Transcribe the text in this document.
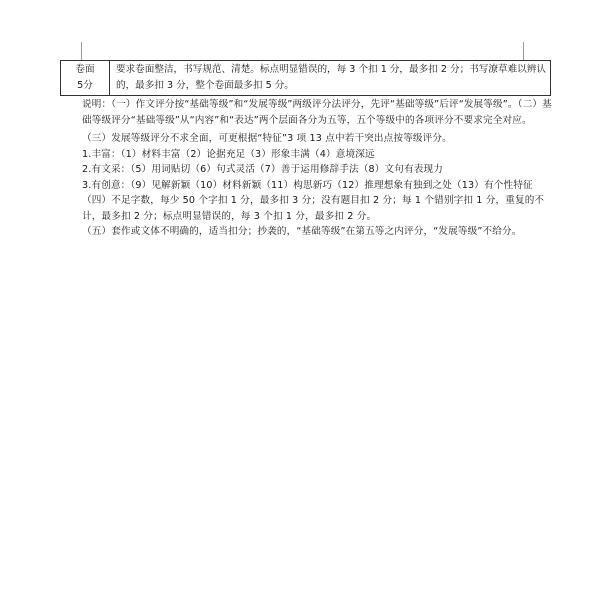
卷面
5分
	要求卷面整洁，书写规范、清楚。标点明显错误的，每 3 个扣 1 分，最多扣 2 分；书写潦草难以辨认的，最多扣 3 分，整个卷面最多扣 5 分。

说明：（一）作文评分按“基础等级”和“发展等级”两级评分法评分，先评“基础等级”后评“发展等级”。（二）基础等级评分“基础等级”从“内容”和“表达”两个层面各分为五等，五个等级中的各项评分不要求完全对应。

（三）发展等级评分不求全面，可更根据“特征”3 项 13 点中若干突出点按等级评分。

1.丰富：（1）材料丰富（2）论据充足（3）形象丰满（4）意境深远

2.有文采：（5）用词贴切（6）句式灵活（7）善于运用修辞手法（8）文句有表现力

3.有创意：（9）见解新颖（10）材料新颖（11）构思新巧（12）推理想象有独到之处（13）有个性特征（四）不足字数，每少 50 个字扣 1 分，最多扣 3 分；没有题目扣 2 分；每 1 个错别字扣 1 分，重复的不计，最多扣 2 分；标点明显错误的，每 3 个扣 1 分，最多扣 2 分。

（五）套作或文体不明确的，适当扣分；抄袭的，“基础等级”在第五等之内评分，“发展等级”不给分。
